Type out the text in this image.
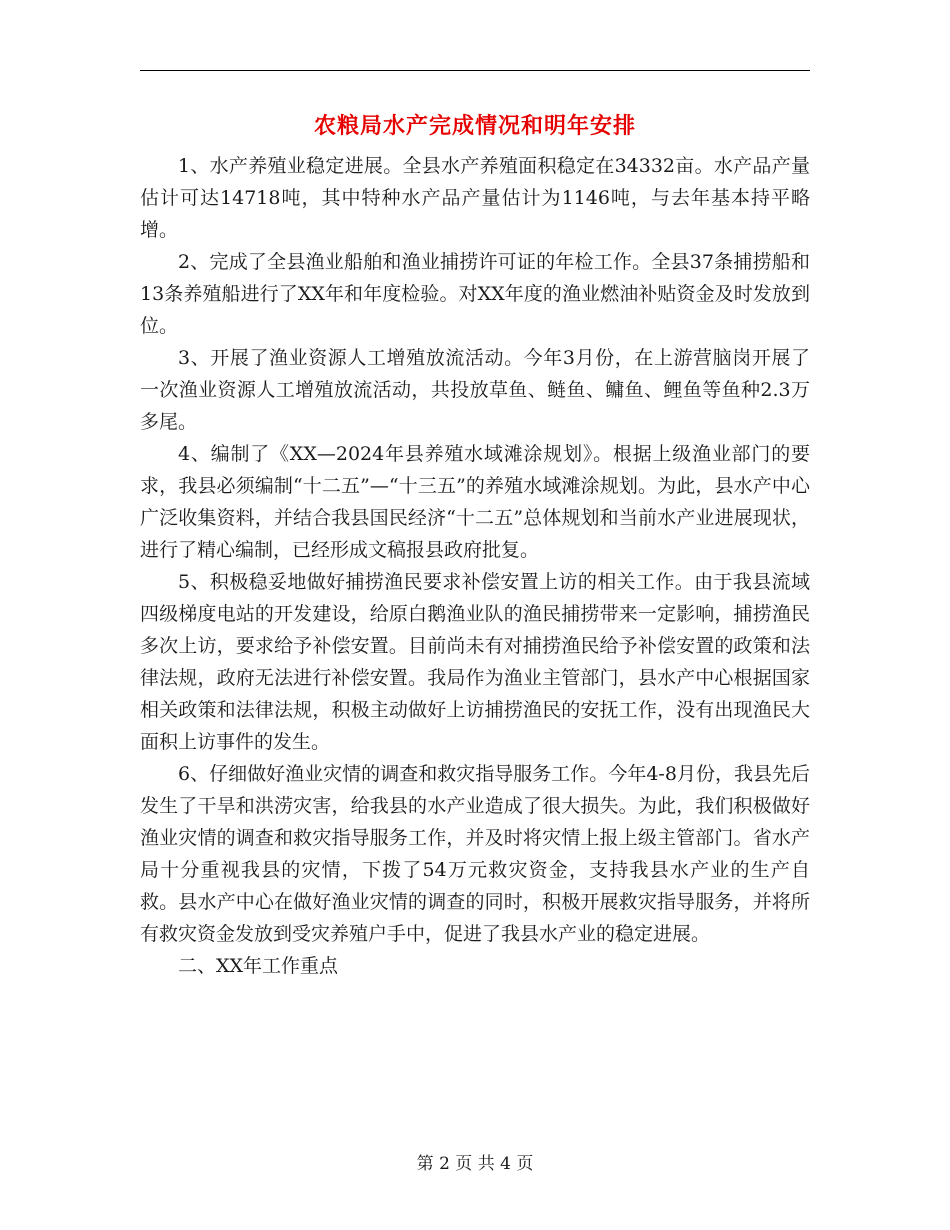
农粮局水产完成情况和明年安排

1、水产养殖业稳定进展。全县水产养殖面积稳定在34332亩。水产品产量估计可达14718吨，其中特种水产品产量估计为1146吨，与去年基本持平略增。

2、完成了全县渔业船舶和渔业捕捞许可证的年检工作。全县37条捕捞船和13条养殖船进行了XX年和年度检验。对XX年度的渔业燃油补贴资金及时发放到位。

3、开展了渔业资源人工增殖放流活动。今年3月份，在上游营脑岗开展了一次渔业资源人工增殖放流活动，共投放草鱼、鲢鱼、鳙鱼、鲤鱼等鱼种2.3万多尾。

4、编制了《XX—2024年县养殖水域滩涂规划》。根据上级渔业部门的要求，我县必须编制“十二五”—“十三五”的养殖水域滩涂规划。为此，县水产中心广泛收集资料，并结合我县国民经济“十二五”总体规划和当前水产业进展现状，进行了精心编制，已经形成文稿报县政府批复。

5、积极稳妥地做好捕捞渔民要求补偿安置上访的相关工作。由于我县流域四级梯度电站的开发建设，给原白鹅渔业队的渔民捕捞带来一定影响，捕捞渔民多次上访，要求给予补偿安置。目前尚未有对捕捞渔民给予补偿安置的政策和法律法规，政府无法进行补偿安置。我局作为渔业主管部门，县水产中心根据国家相关政策和法律法规，积极主动做好上访捕捞渔民的安抚工作，没有出现渔民大面积上访事件的发生。

6、仔细做好渔业灾情的调查和救灾指导服务工作。今年4-8月份，我县先后发生了干旱和洪涝灾害，给我县的水产业造成了很大损失。为此，我们积极做好渔业灾情的调查和救灾指导服务工作，并及时将灾情上报上级主管部门。省水产局十分重视我县的灾情，下拨了54万元救灾资金，支持我县水产业的生产自救。县水产中心在做好渔业灾情的调查的同时，积极开展救灾指导服务，并将所有救灾资金发放到受灾养殖户手中，促进了我县水产业的稳定进展。

二、XX年工作重点

第 2 页 共 4 页
